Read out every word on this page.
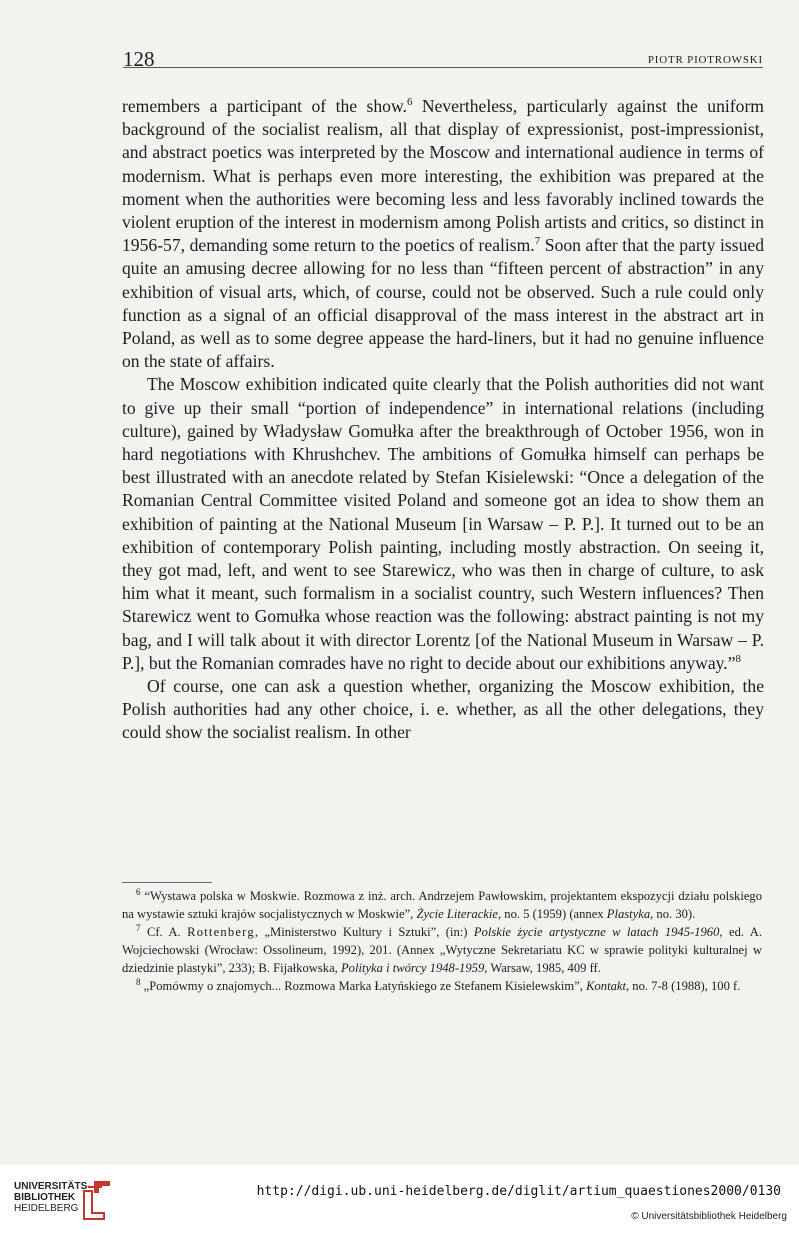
128	PIOTR PIOTROWSKI

remembers a participant of the show.$^6$ Nevertheless, particularly against the uniform background of the socialist realism, all that display of expressionist, post-impressionist, and abstract poetics was interpreted by the Moscow and international audience in terms of modernism. What is perhaps even more interesting, the exhibition was prepared at the moment when the authorities were becoming less and less favorably inclined towards the violent eruption of the interest in modernism among Polish artists and critics, so distinct in 1956-57, demanding some return to the poetics of realism.$^7$ Soon after that the party issued quite an amusing decree allowing for no less than “fifteen percent of abstraction” in any exhibition of visual arts, which, of course, could not be observed. Such a rule could only function as a signal of an official disapproval of the mass interest in the abstract art in Poland, as well as to some degree appease the hard-liners, but it had no genuine influence on the state of affairs.

The Moscow exhibition indicated quite clearly that the Polish authorities did not want to give up their small “portion of independence” in international relations (including culture), gained by Władysław Gomułka after the breakthrough of October 1956, won in hard negotiations with Khrushchev. The ambitions of Gomułka himself can perhaps be best illustrated with an anecdote related by Stefan Kisielewski: “Once a delegation of the Romanian Central Committee visited Poland and someone got an idea to show them an exhibition of painting at the National Museum [in Warsaw – P. P.]. It turned out to be an exhibition of contemporary Polish painting, including mostly abstraction. On seeing it, they got mad, left, and went to see Starewicz, who was then in charge of culture, to ask him what it meant, such formalism in a socialist country, such Western influences? Then Starewicz went to Gomułka whose reaction was the following: abstract painting is not my bag, and I will talk about it with director Lorentz [of the National Museum in Warsaw – P. P.], but the Romanian comrades have no right to decide about our exhibitions anyway.”$^8$

Of course, one can ask a question whether, organizing the Moscow exhibition, the Polish authorities had any other choice, i. e. whether, as all the other delegations, they could show the socialist realism. In other

$^6$ “Wystawa polska w Moskwie. Rozmowa z inż. arch. Andrzejem Pawłowskim, projektantem ekspozycji działu polskiego na wystawie sztuki krajów socjalistycznych w Moskwie”, Życie Literackie, no. 5 (1959) (annex Plastyka, no. 30).

$^7$ Cf. A. Rottenberg, „Ministerstwo Kultury i Sztuki”, (in:) Polskie życie artystyczne w latach 1945-1960, ed. A. Wojciechowski (Wrocław: Ossolineum, 1992), 201. (Annex „Wytyczne Sekretariatu KC w sprawie polityki kulturalnej w dziedzinie plastyki”, 233); B. Fijałkowska, Polityka i twórcy 1948-1959, Warsaw, 1985, 409 ff.

$^8$ „Pomówmy o znajomych... Rozmowa Marka Łatyńskiego ze Stefanem Kisielewskim”, Kontakt, no. 7-8 (1988), 100 f.

UNIVERSITÄTS-
BIBLIOTHEK
HEIDELBERG
http://digi.ub.uni-heidelberg.de/diglit/artium_quaestiones2000/0130
© Universitätsbibliothek Heidelberg
